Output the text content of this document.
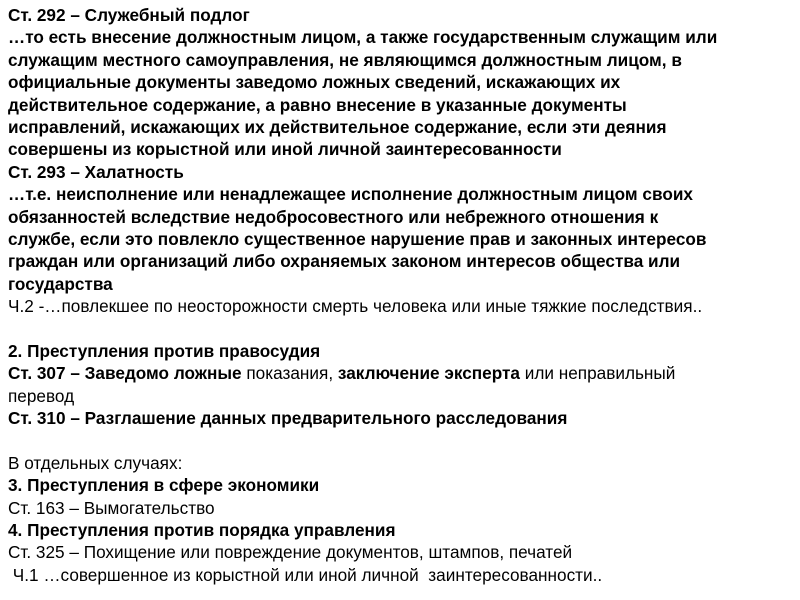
Ст. 292 – Служебный подлог
…то есть внесение должностным лицом, а также государственным служащим или
служащим местного самоуправления, не являющимся должностным лицом, в
официальные документы заведомо ложных сведений, искажающих их
действительное содержание, а равно внесение в указанные документы
исправлений, искажающих их действительное содержание, если эти деяния
совершены из корыстной или иной личной заинтересованности
Ст. 293 – Халатность
…т.е. неисполнение или ненадлежащее исполнение должностным лицом своих
обязанностей вследствие недобросовестного или небрежного отношения к
службе, если это повлекло существенное нарушение прав и законных интересов
граждан или организаций либо охраняемых законом интересов общества или
государства
Ч.2 -…повлекшее по неосторожности смерть человека или иные тяжкие последствия..
2. Преступления против правосудия
Ст. 307 – Заведомо ложные показания, заключение эксперта или неправильный
перевод
Ст. 310 – Разглашение данных предварительного расследования
В отдельных случаях:
3. Преступления в сфере экономики
Ст. 163 – Вымогательство
4. Преступления против порядка управления
Ст. 325 – Похищение или повреждение документов, штампов, печатей
Ч.1 …совершенное из корыстной или иной личной  заинтересованности..
